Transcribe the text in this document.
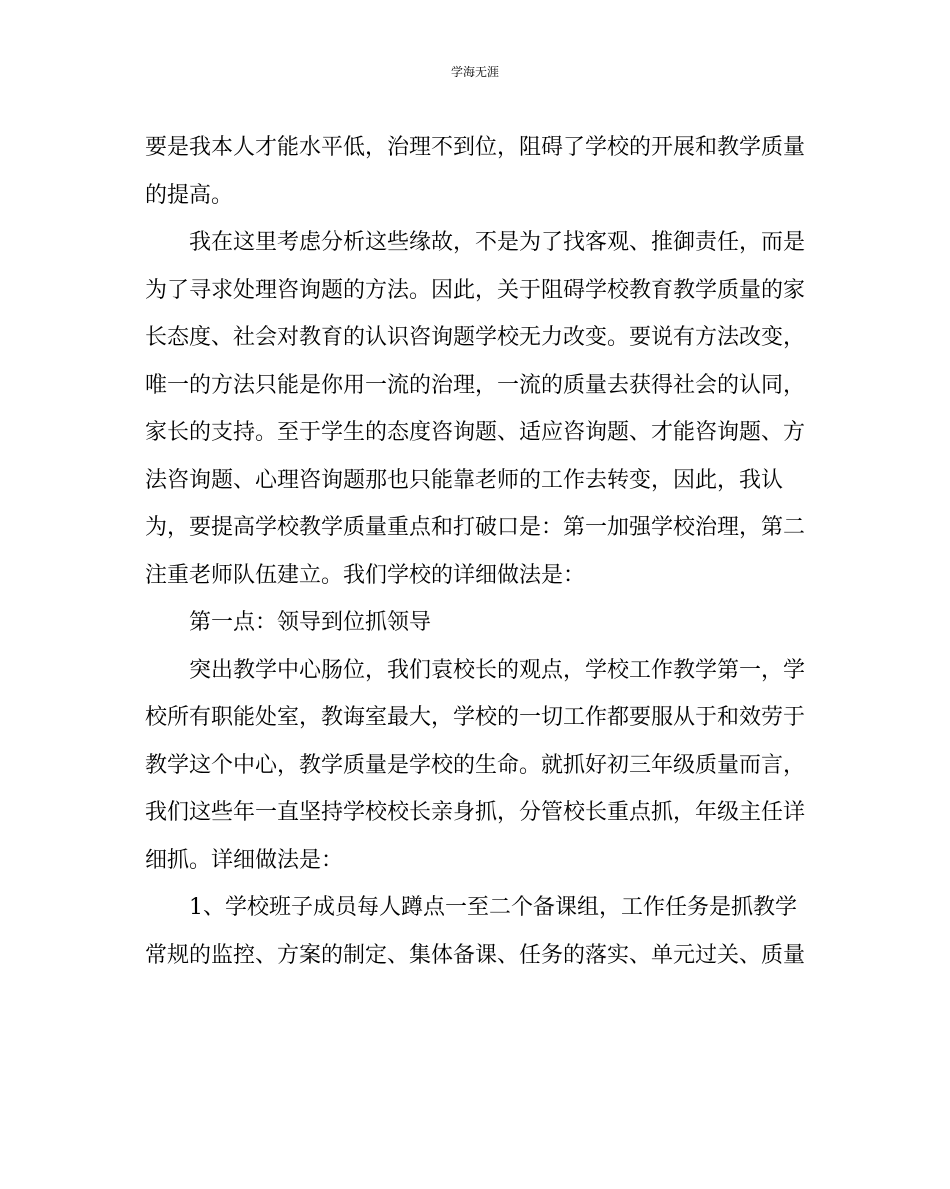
学海无涯
要是我本人才能水平低，治理不到位，阻碍了学校的开展和教学质量
的提高。
我在这里考虑分析这些缘故，不是为了找客观、推御责任，而是
为了寻求处理咨询题的方法。因此，关于阻碍学校教育教学质量的家
长态度、社会对教育的认识咨询题学校无力改变。要说有方法改变，
唯一的方法只能是你用一流的治理，一流的质量去获得社会的认同，
家长的支持。至于学生的态度咨询题、适应咨询题、才能咨询题、方
法咨询题、心理咨询题那也只能靠老师的工作去转变，因此，我认
为，要提高学校教学质量重点和打破口是：第一加强学校治理，第二
注重老师队伍建立。我们学校的详细做法是：
第一点：领导到位抓领导
突出教学中心肠位，我们袁校长的观点，学校工作教学第一，学
校所有职能处室，教诲室最大，学校的一切工作都要服从于和效劳于
教学这个中心，教学质量是学校的生命。就抓好初三年级质量而言，
我们这些年一直坚持学校校长亲身抓，分管校长重点抓，年级主任详
细抓。详细做法是：
1、学校班子成员每人蹲点一至二个备课组，工作任务是抓教学
常规的监控、方案的制定、集体备课、任务的落实、单元过关、质量
